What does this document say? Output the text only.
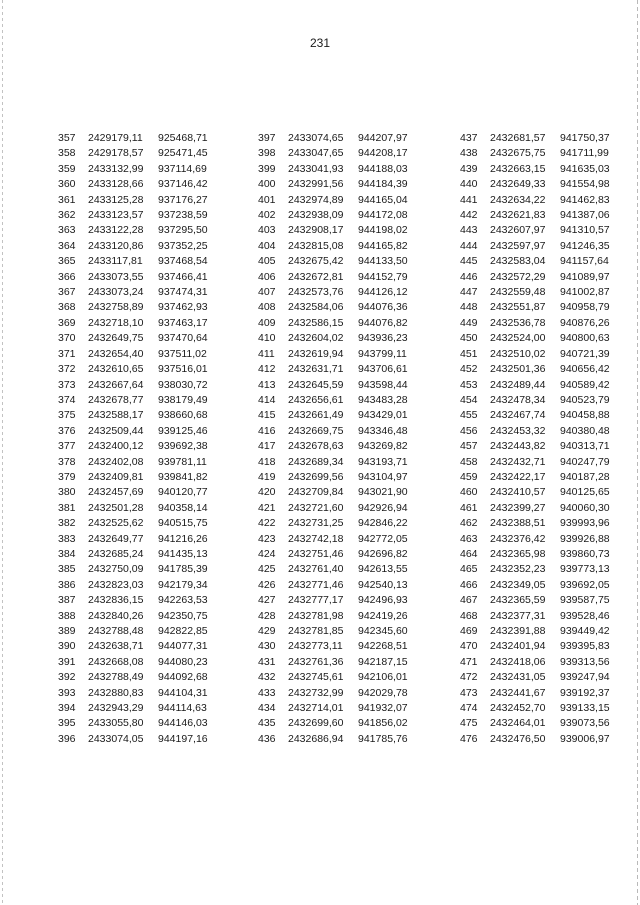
231
357	2429179,11	925468,71
358	2429178,57	925471,45
359	2433132,99	937114,69
360	2433128,66	937146,42
361	2433125,28	937176,27
362	2433123,57	937238,59
363	2433122,28	937295,50
364	2433120,86	937352,25
365	2433117,81	937468,54
366	2433073,55	937466,41
367	2433073,24	937474,31
368	2432758,89	937462,93
369	2432718,10	937463,17
370	2432649,75	937470,64
371	2432654,40	937511,02
372	2432610,65	937516,01
373	2432667,64	938030,72
374	2432678,77	938179,49
375	2432588,17	938660,68
376	2432509,44	939125,46
377	2432400,12	939692,38
378	2432402,08	939781,11
379	2432409,81	939841,82
380	2432457,69	940120,77
381	2432501,28	940358,14
382	2432525,62	940515,75
383	2432649,77	941216,26
384	2432685,24	941435,13
385	2432750,09	941785,39
386	2432823,03	942179,34
387	2432836,15	942263,53
388	2432840,26	942350,75
389	2432788,48	942822,85
390	2432638,71	944077,31
391	2432668,08	944080,23
392	2432788,49	944092,68
393	2432880,83	944104,31
394	2432943,29	944114,63
395	2433055,80	944146,03
396	2433074,05	944197,16
397	2433074,65	944207,97
398	2433047,65	944208,17
399	2433041,93	944188,03
400	2432991,56	944184,39
401	2432974,89	944165,04
402	2432938,09	944172,08
403	2432908,17	944198,02
404	2432815,08	944165,82
405	2432675,42	944133,50
406	2432672,81	944152,79
407	2432573,76	944126,12
408	2432584,06	944076,36
409	2432586,15	944076,82
410	2432604,02	943936,23
411	2432619,94	943799,11
412	2432631,71	943706,61
413	2432645,59	943598,44
414	2432656,61	943483,28
415	2432661,49	943429,01
416	2432669,75	943346,48
417	2432678,63	943269,82
418	2432689,34	943193,71
419	2432699,56	943104,97
420	2432709,84	943021,90
421	2432721,60	942926,94
422	2432731,25	942846,22
423	2432742,18	942772,05
424	2432751,46	942696,82
425	2432761,40	942613,55
426	2432771,46	942540,13
427	2432777,17	942496,93
428	2432781,98	942419,26
429	2432781,85	942345,60
430	2432773,11	942268,51
431	2432761,36	942187,15
432	2432745,61	942106,01
433	2432732,99	942029,78
434	2432714,01	941932,07
435	2432699,60	941856,02
436	2432686,94	941785,76
437	2432681,57	941750,37
438	2432675,75	941711,99
439	2432663,15	941635,03
440	2432649,33	941554,98
441	2432634,22	941462,83
442	2432621,83	941387,06
443	2432607,97	941310,57
444	2432597,97	941246,35
445	2432583,04	941157,64
446	2432572,29	941089,97
447	2432559,48	941002,87
448	2432551,87	940958,79
449	2432536,78	940876,26
450	2432524,00	940800,63
451	2432510,02	940721,39
452	2432501,36	940656,42
453	2432489,44	940589,42
454	2432478,34	940523,79
455	2432467,74	940458,88
456	2432453,32	940380,48
457	2432443,82	940313,71
458	2432432,71	940247,79
459	2432422,17	940187,28
460	2432410,57	940125,65
461	2432399,27	940060,30
462	2432388,51	939993,96
463	2432376,42	939926,88
464	2432365,98	939860,73
465	2432352,23	939773,13
466	2432349,05	939692,05
467	2432365,59	939587,75
468	2432377,31	939528,46
469	2432391,88	939449,42
470	2432401,94	939395,83
471	2432418,06	939313,56
472	2432431,05	939247,94
473	2432441,67	939192,37
474	2432452,70	939133,15
475	2432464,01	939073,56
476	2432476,50	939006,97
